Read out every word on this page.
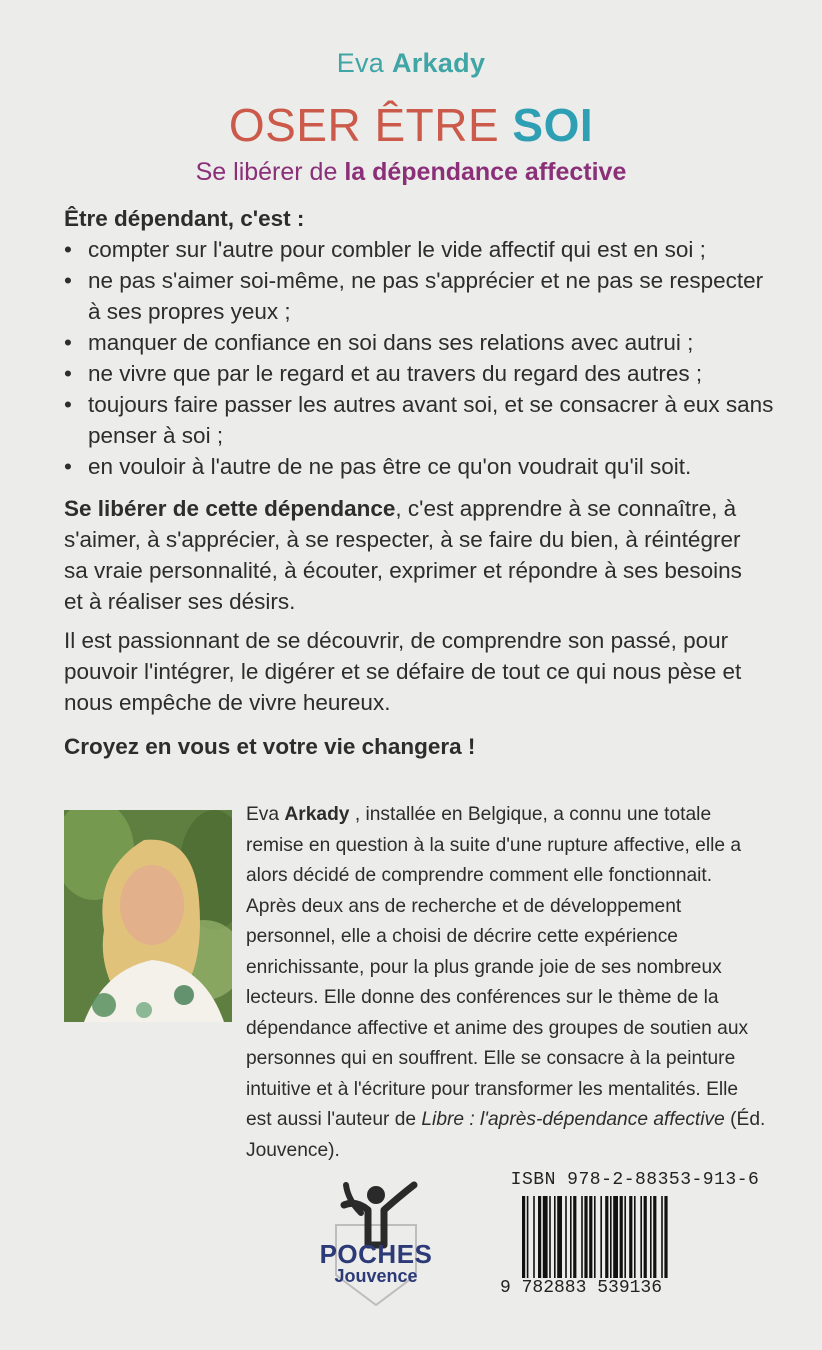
Eva Arkady
OSER ÊTRE SOI
Se libérer de la dépendance affective
Être dépendant, c'est :
• compter sur l'autre pour combler le vide affectif qui est en soi ;
• ne pas s'aimer soi-même, ne pas s'apprécier et ne pas se respecter à ses propres yeux ;
• manquer de confiance en soi dans ses relations avec autrui ;
• ne vivre que par le regard et au travers du regard des autres ;
• toujours faire passer les autres avant soi, et se consacrer à eux sans penser à soi ;
• en vouloir à l'autre de ne pas être ce qu'on voudrait qu'il soit.
Se libérer de cette dépendance, c'est apprendre à se connaître, à s'aimer, à s'apprécier, à se respecter, à se faire du bien, à réintégrer sa vraie personnalité, à écouter, exprimer et répondre à ses besoins et à réaliser ses désirs.
Il est passionnant de se découvrir, de comprendre son passé, pour pouvoir l'intégrer, le digérer et se défaire de tout ce qui nous pèse et nous empêche de vivre heureux.
Croyez en vous et votre vie changera !
Eva Arkady , installée en Belgique, a connu une totale remise en question à la suite d'une rupture affective, elle a alors décidé de comprendre comment elle fonctionnait. Après deux ans de recherche et de développement personnel, elle a choisi de décrire cette expérience enrichissante, pour la plus grande joie de ses nombreux lecteurs. Elle donne des conférences sur le thème de la dépendance affective et anime des groupes de soutien aux personnes qui en souffrent. Elle se consacre à la peinture intuitive et à l'écriture pour transformer les mentalités. Elle est aussi l'auteur de Libre : l'après-dépendance affective (Éd. Jouvence).
POCHES
Jouvence
ISBN 978-2-88353-913-6
9 782883 539136
